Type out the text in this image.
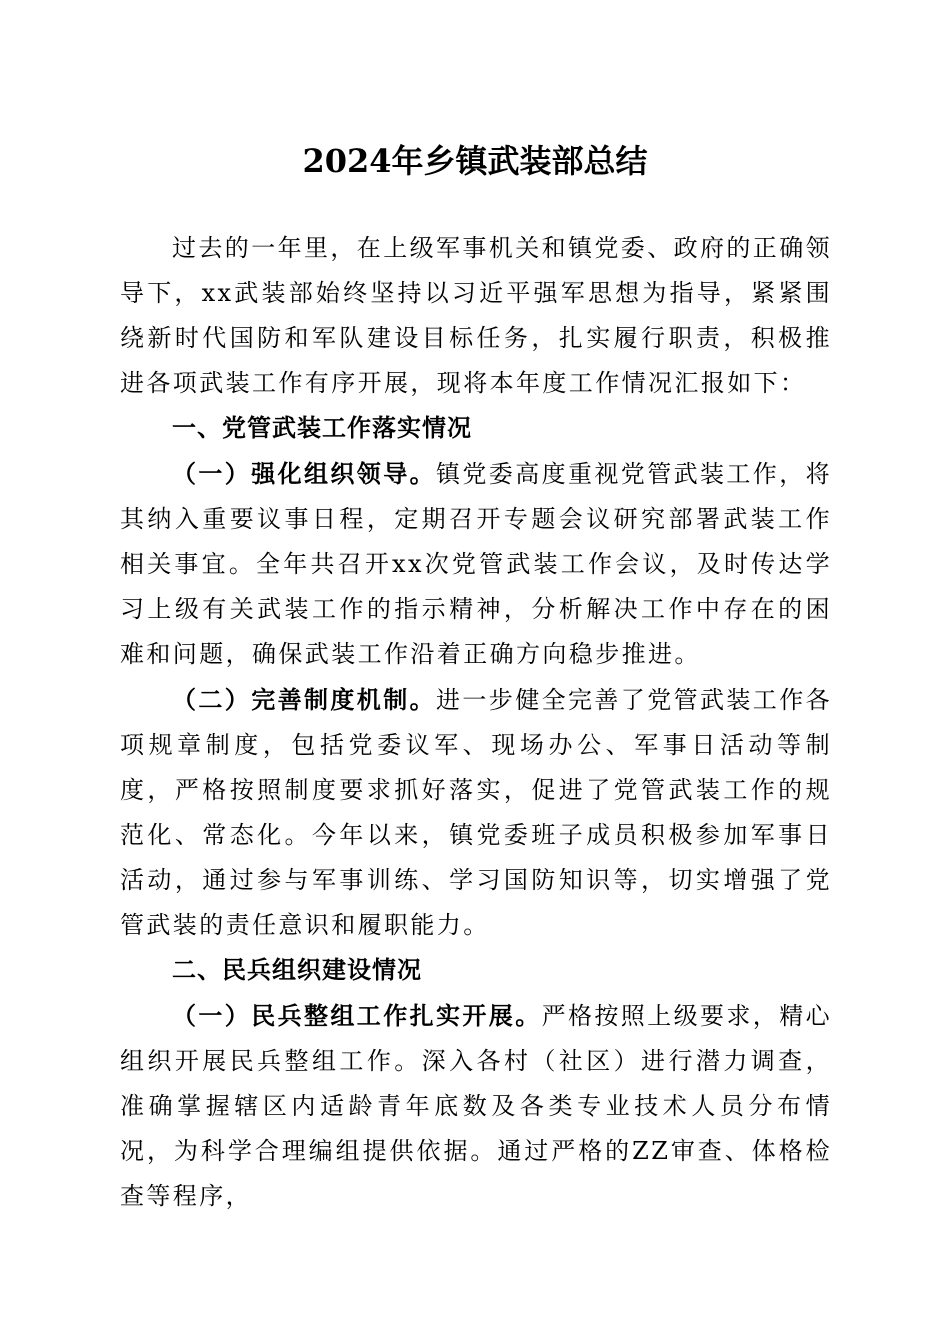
2024年乡镇武装部总结

过去的一年里，在上级军事机关和镇党委、政府的正确领导下，xx武装部始终坚持以习近平强军思想为指导，紧紧围绕新时代国防和军队建设目标任务，扎实履行职责，积极推进各项武装工作有序开展，现将本年度工作情况汇报如下：

一、党管武装工作落实情况

（一）强化组织领导。镇党委高度重视党管武装工作，将其纳入重要议事日程，定期召开专题会议研究部署武装工作相关事宜。全年共召开xx次党管武装工作会议，及时传达学习上级有关武装工作的指示精神，分析解决工作中存在的困难和问题，确保武装工作沿着正确方向稳步推进。

（二）完善制度机制。进一步健全完善了党管武装工作各项规章制度，包括党委议军、现场办公、军事日活动等制度，严格按照制度要求抓好落实，促进了党管武装工作的规范化、常态化。今年以来，镇党委班子成员积极参加军事日活动，通过参与军事训练、学习国防知识等，切实增强了党管武装的责任意识和履职能力。

二、民兵组织建设情况

（一）民兵整组工作扎实开展。严格按照上级要求，精心组织开展民兵整组工作。深入各村（社区）进行潜力调查，准确掌握辖区内适龄青年底数及各类专业技术人员分布情况，为科学合理编组提供依据。通过严格的ZZ审查、体格检查等程序，
